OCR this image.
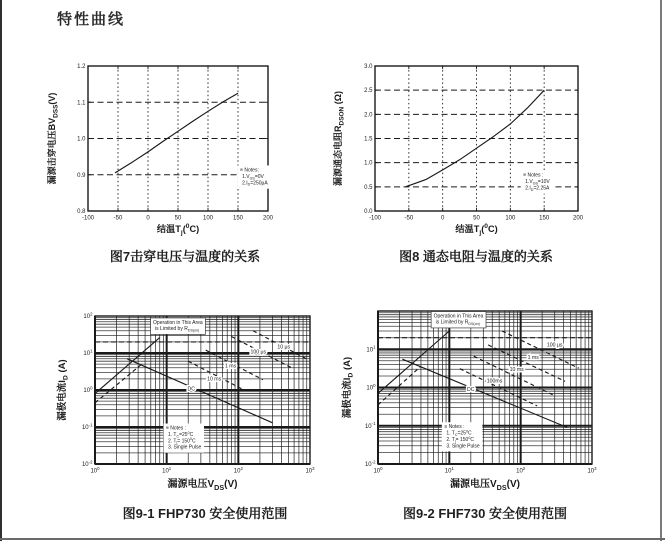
特性曲线
-100	-50	0	50	100	150	200
0.8
0.9
1.0
1.1
1.2
≡ Notes:
$1.V_{GS}=0V$
$2.I_D=250\mu A$
结温$T_j(^0C)$
漏源击穿电压$BV_{DSS}(V)$
图7击穿电压与温度的关系
-100	-50	0	50	100	150	200
0.0
0.5
1.0
1.5
2.0
2.5
3.0
≡ Notes :
$1.V_{GS}=10V$
$2.I_D=2.25A$
结温$T_j(^0C)$
漏源通态电阻$R_{DSON}$ (Ω)
图8 通态电阻与温度的关系
$10^0$
$10^1$
$10^2$
$10^3$
$10^{-2}$
$10^{-1}$
$10^0$
$10^1$
$10^2$
DC
10 ms
1 ms
100 μs
10 μs
≡ Notes :
1. $T_C=25^0C$
2. $T_j= 150^0C$
3. Single Pulse
Operation in This Area
is Limited by $R_{DS(on)}$
漏源电压$V_{DS}(V)$
漏极电流$I_D$ (A)
图9-1 FHP730 安全使用范围
$10^0$
$10^1$
$10^2$
$10^3$
$10^{-2}$
$10^{-1}$
$10^0$
$10^1$
DC
100ms
10 ms
1 ms
100 μs
≡ Notes :
1. $T_C=25^0C$
2. $T_j= 150^0C$
3. Single Pulse
Operation in This Area
is Limited by $R_{DS(on)}$
漏源电压$V_{DS}(V)$
漏极电流$I_D$ (A)
图9-2 FHF730 安全使用范围
